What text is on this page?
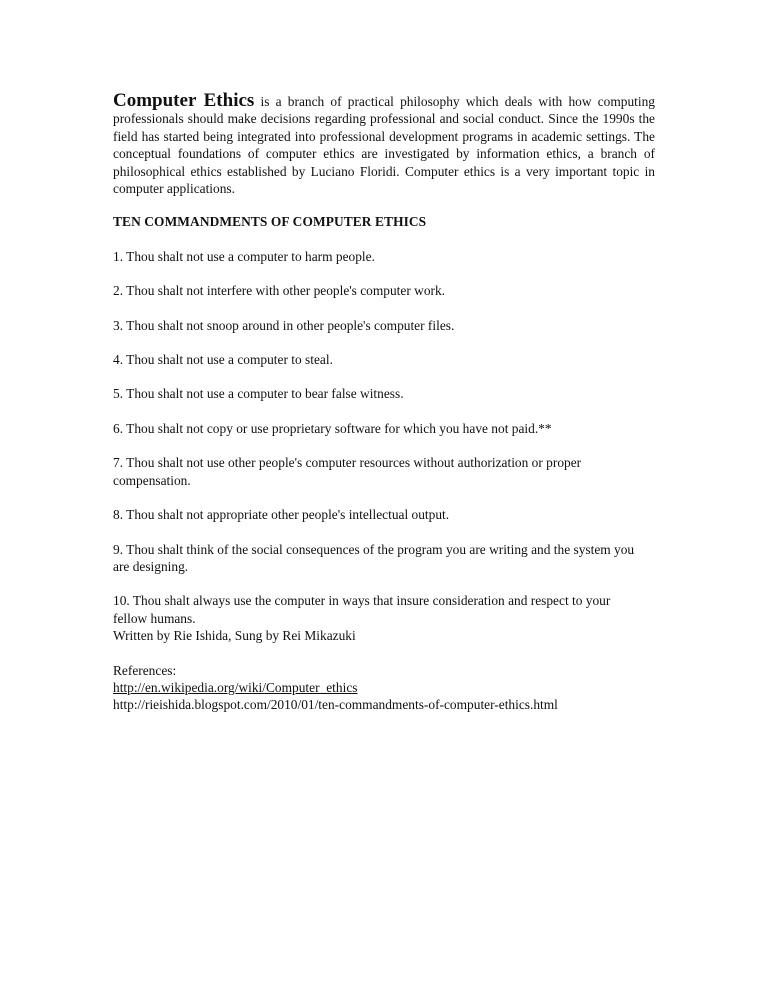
Computer Ethics is a branch of practical philosophy which deals with how computing professionals should make decisions regarding professional and social conduct. Since the 1990s the field has started being integrated into professional development programs in academic settings. The conceptual foundations of computer ethics are investigated by information ethics, a branch of philosophical ethics established by Luciano Floridi. Computer ethics is a very important topic in computer applications.

TEN COMMANDMENTS OF COMPUTER ETHICS

1. Thou shalt not use a computer to harm people.
2. Thou shalt not interfere with other people's computer work.
3. Thou shalt not snoop around in other people's computer files.
4. Thou shalt not use a computer to steal.
5. Thou shalt not use a computer to bear false witness.
6. Thou shalt not copy or use proprietary software for which you have not paid.**
7. Thou shalt not use other people's computer resources without authorization or proper compensation.
8. Thou shalt not appropriate other people's intellectual output.
9. Thou shalt think of the social consequences of the program you are writing and the system you are designing.
10. Thou shalt always use the computer in ways that insure consideration and respect to your fellow humans.

Written by Rie Ishida, Sung by Rei Mikazuki

References:
http://en.wikipedia.org/wiki/Computer_ethics
http://rieishida.blogspot.com/2010/01/ten-commandments-of-computer-ethics.html
